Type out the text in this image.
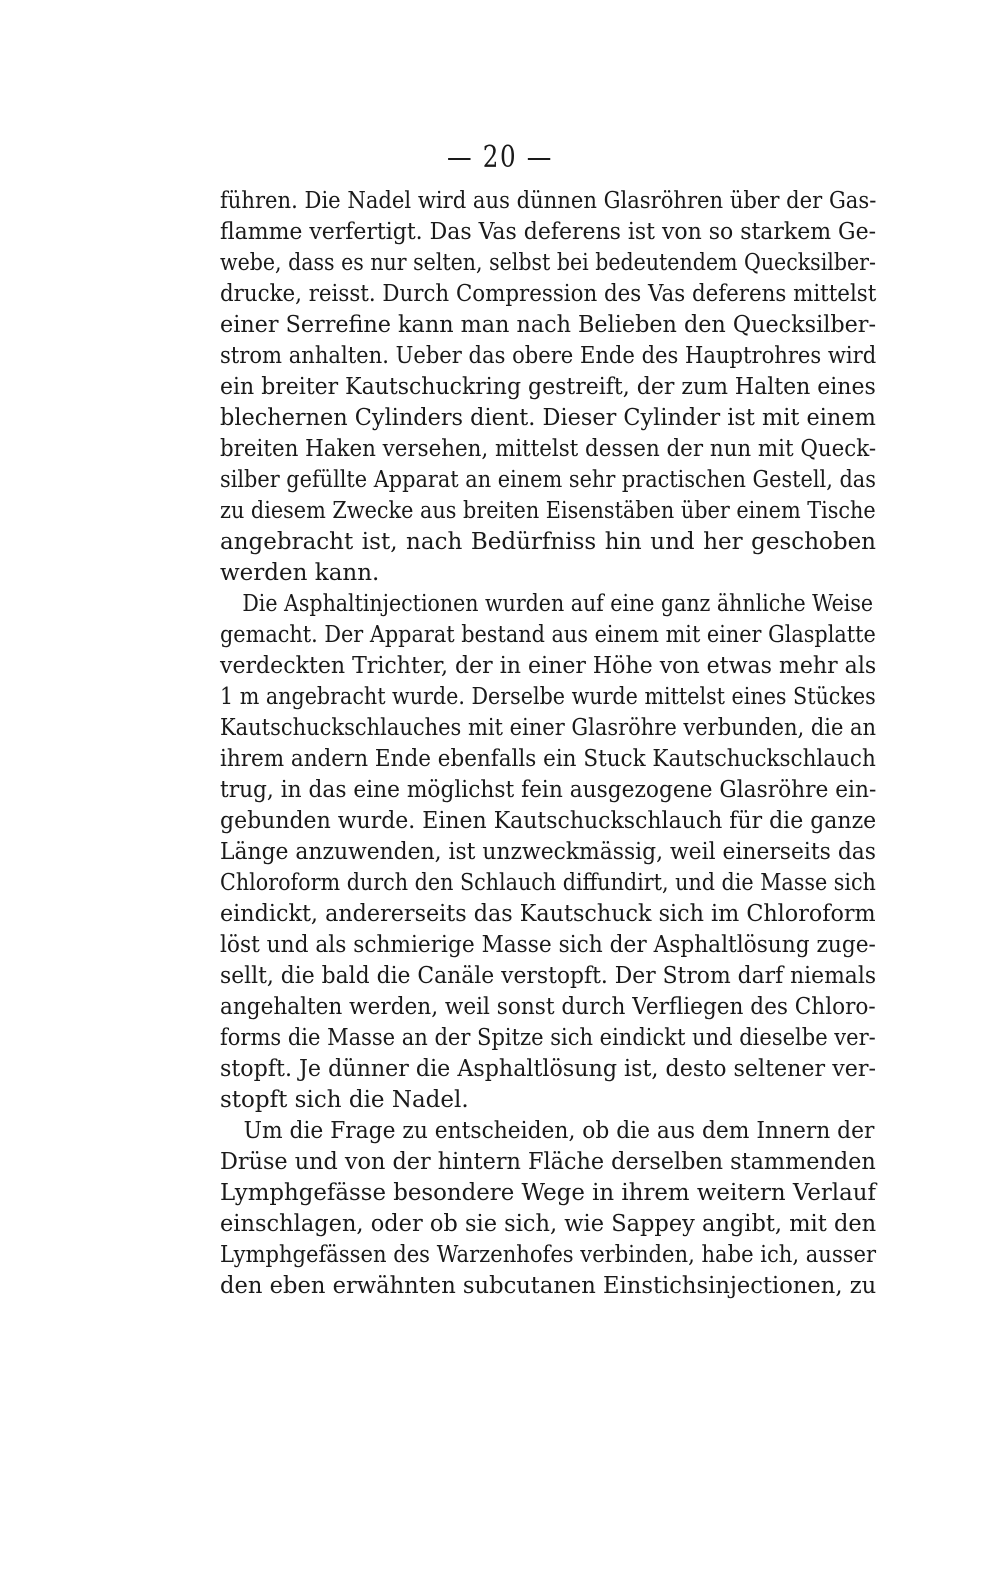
— 20 —
führen. Die Nadel wird aus dünnen Glasröhren über der Gas-
flamme verfertigt. Das Vas deferens ist von so starkem Ge-
webe, dass es nur selten, selbst bei bedeutendem Quecksilber-
drucke, reisst. Durch Compression des Vas deferens mittelst
einer Serrefine kann man nach Belieben den Quecksilber-
strom anhalten. Ueber das obere Ende des Hauptrohres wird
ein breiter Kautschuckring gestreift, der zum Halten eines
blechernen Cylinders dient. Dieser Cylinder ist mit einem
breiten Haken versehen, mittelst dessen der nun mit Queck-
silber gefüllte Apparat an einem sehr practischen Gestell, das
zu diesem Zwecke aus breiten Eisenstäben über einem Tische
angebracht ist, nach Bedürfniss hin und her geschoben
werden kann.
Die Asphaltinjectionen wurden auf eine ganz ähnliche Weise
gemacht. Der Apparat bestand aus einem mit einer Glasplatte
verdeckten Trichter, der in einer Höhe von etwas mehr als
1 m angebracht wurde. Derselbe wurde mittelst eines Stückes
Kautschuckschlauches mit einer Glasröhre verbunden, die an
ihrem andern Ende ebenfalls ein Stuck Kautschuckschlauch
trug, in das eine möglichst fein ausgezogene Glasröhre ein-
gebunden wurde. Einen Kautschuckschlauch für die ganze
Länge anzuwenden, ist unzweckmässig, weil einerseits das
Chloroform durch den Schlauch diffundirt, und die Masse sich
eindickt, andererseits das Kautschuck sich im Chloroform
löst und als schmierige Masse sich der Asphaltlösung zuge-
sellt, die bald die Canäle verstopft. Der Strom darf niemals
angehalten werden, weil sonst durch Verfliegen des Chloro-
forms die Masse an der Spitze sich eindickt und dieselbe ver-
stopft. Je dünner die Asphaltlösung ist, desto seltener ver-
stopft sich die Nadel.
Um die Frage zu entscheiden, ob die aus dem Innern der
Drüse und von der hintern Fläche derselben stammenden
Lymphgefässe besondere Wege in ihrem weitern Verlauf
einschlagen, oder ob sie sich, wie Sappey angibt, mit den
Lymphgefässen des Warzenhofes verbinden, habe ich, ausser
den eben erwähnten subcutanen Einstichsinjectionen, zu
